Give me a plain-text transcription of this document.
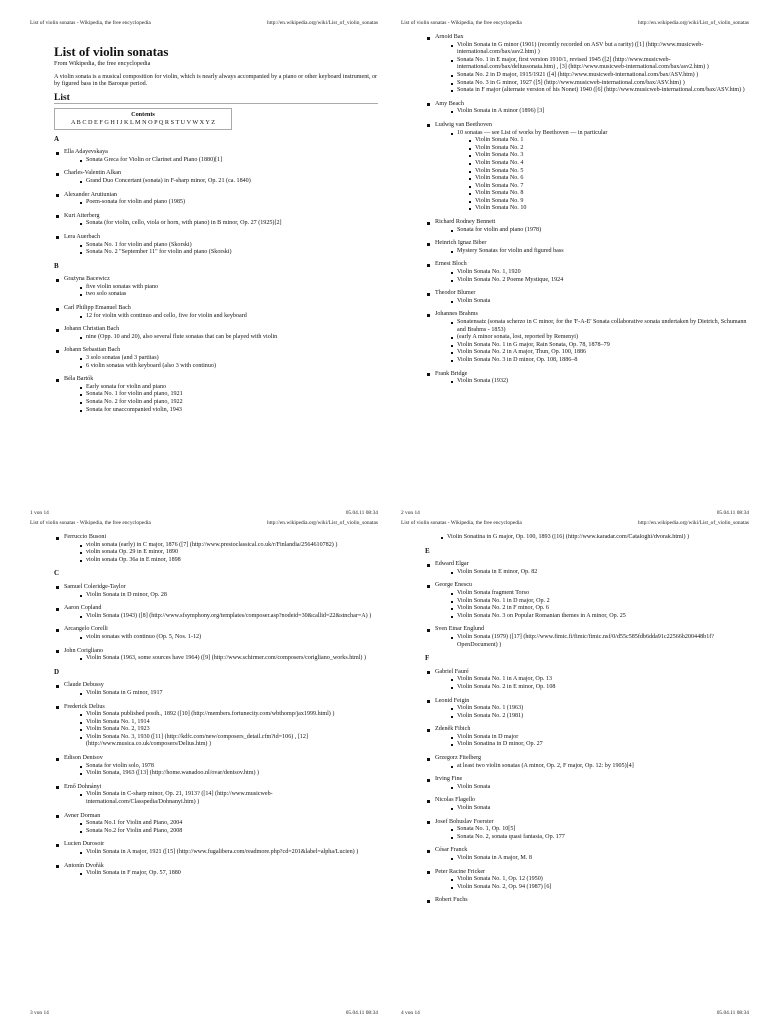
List of violin sonatas - Wikipedia, the free encyclopedia	http://en.wikipedia.org/wiki/List_of_violin_sonatas
List of violin sonatas
From Wikipedia, the free encyclopedia
A violin sonata is a musical composition for violin, which is nearly always accompanied by a piano or other keyboard instrument, or by figured bass in the Baroque period.
List
Contents
A B C D E F G H I J K L M N O P Q R S T U V W X Y Z
A
Ella Adayevskaya
Sonata Greca for Violin or Clarinet and Piano (1880)[1]
Charles-Valentin Alkan
Grand Duo Concertant (sonata) in F-sharp minor, Op. 21 (ca. 1840)
Alexander Arutiunian
Poem-sonata for violin and piano (1985)
Kurt Atterberg
Sonata (for violin, cello, viola or horn, with piano) in B minor, Op. 27 (1925)[2]
Lera Auerbach
Sonata No. 1 for violin and piano (Skorski)
Sonata No. 2 "September 11" for violin and piano (Skorski)
B
Grażyna Bacewicz
five violin sonatas with piano
two solo sonatas
Carl Philipp Emanuel Bach
12 for violin with continuo and cello, five for violin and keyboard
Johann Christian Bach
nine (Opp. 10 and 20), also several flute sonatas that can be played with violin
Johann Sebastian Bach
3 solo sonatas (and 3 partitas)
6 violin sonatas with keyboard (also 3 with continuo)
Béla Bartók
Early sonata for violin and piano
Sonata No. 1 for violin and piano, 1921
Sonata No. 2 for violin and piano, 1922
Sonata for unaccompanied violin, 1943
1 von 14	05.04.11 08:34
List of violin sonatas - Wikipedia, the free encyclopedia	http://en.wikipedia.org/wiki/List_of_violin_sonatas
Arnold Bax
Violin Sonata in G minor (1901) (recently recorded on ASV but a rarity) ([1] (http://www.musicweb-international.com/bax/asv2.htm) )
Sonata No. 1 in E major, first version 1910/1, revised 1945 ([2] (http://www.musicweb-international.com/bax/deliussonata.htm) , [3] (http://www.musicweb-international.com/bax/asv2.htm) )
Sonata No. 2 in D major, 1915/1921 ([4] (http://www.musicweb-international.com/bax/ASV.htm) )
Sonata No. 3 in G minor, 1927 ([5] (http://www.musicweb-international.com/bax/ASV.htm) )
Sonata in F major (alternate version of his Nonet) 1940 ([6] (http://www.musicweb-international.com/bax/ASV.htm) )
Amy Beach
Violin Sonata in A minor (1896) [3]
Ludwig van Beethoven
10 sonatas — see List of works by Beethoven — in particular
Violin Sonata No. 1
Violin Sonata No. 2
Violin Sonata No. 3
Violin Sonata No. 4
Violin Sonata No. 5
Violin Sonata No. 6
Violin Sonata No. 7
Violin Sonata No. 8
Violin Sonata No. 9
Violin Sonata No. 10
Richard Rodney Bennett
Sonata for violin and piano (1978)
Heinrich Ignaz Biber
Mystery Sonatas for violin and figured bass
Ernest Bloch
Violin Sonata No. 1, 1920
Violin Sonata No. 2 Poeme Mystique, 1924
Theodor Blumer
Violin Sonata
Johannes Brahms
Sonatensatz (sonata scherzo in C minor, for the 'F-A-E' Sonata collaborative sonata undertaken by Dietrich, Schumann and Brahms - 1853)
(early A minor sonata, lost, reported by Remenyi)
Violin Sonata No. 1 in G major, Rain Sonata, Op. 78, 1878–79
Violin Sonata No. 2 in A major, Thun, Op. 100, 1886
Violin Sonata No. 3 in D minor, Op. 108, 1886–8
Frank Bridge
Violin Sonata (1932)
2 von 14	05.04.11 08:34
List of violin sonatas - Wikipedia, the free encyclopedia	http://en.wikipedia.org/wiki/List_of_violin_sonatas
Ferruccio Busoni
violin sonata (early) in C major, 1876 ([7] (http://www.prestoclassical.co.uk/r/Finlandia/2564610782) )
violin sonata Op. 29 in E minor, 1890
violin sonata Op. 36a in E minor, 1898
C
Samuel Coleridge-Taylor
Violin Sonata in D minor, Op. 28
Aaron Copland
Violin Sonata (1943) ([8] (http://www.sfsymphony.org/templates/composer.asp?nodeid=30&callid=22&stnchar=A) )
Arcangelo Corelli
violin sonatas with continuo (Op. 5, Nos. 1-12)
John Corigliano
Violin Sonata (1963, some sources have 1964) ([9] (http://www.schirmer.com/composers/corigliano_works.html) )
D
Claude Debussy
Violin Sonata in G minor, 1917
Frederick Delius
Violin Sonata published posth., 1892 ([10] (http://members.fortunecity.com/wbthomp/jax1999.html) )
Violin Sonata No. 1, 1914
Violin Sonata No. 2, 1923
Violin Sonata No. 3, 1930 ([11] (http://kdfc.com/new/composers_detail.cfm?id=106) , [12] (http://www.musica.co.uk/composers/Delius.htm) )
Edison Denisov
Sonata for violin solo, 1978
Violin Sonata, 1963 ([13] (http://home.wanadoo.nl/ovar/denisov.htm) )
Ernő Dohnányi
Violin Sonata in C-sharp minor, Op. 21, 1913? ([14] (http://www.musicweb-international.com/Classpedia/Dohnanyi.htm) )
Avner Dorman
Sonata No.1 for Violin and Piano, 2004
Sonata No.2 for Violin and Piano, 2008
Lucien Durosoir
Violin Sonata in A major, 1921 ([15] (http://www.fugalibera.com/readmore.php?cd=201&label=alpha/Lucien) )
Antonín Dvořák
Violin Sonata in F major, Op. 57, 1880
3 von 14	05.04.11 08:34
List of violin sonatas - Wikipedia, the free encyclopedia	http://en.wikipedia.org/wiki/List_of_violin_sonatas
Violin Sonatina in G major, Op. 100, 1893 ([16] (http://www.karadar.com/Cataloghi/dvorak.html) )
E
Edward Elgar
Violin Sonata in E minor, Op. 82
George Enescu
Violin Sonata fragment Torso
Violin Sonata No. 1 in D major, Op. 2
Violin Sonata No. 2 in F minor, Op. 6
Violin Sonata No. 3 on Popular Romanian themes in A minor, Op. 25
Sven Einar Englund
Violin Sonata (1979) ([17] (http://www.fimic.fi/fimic/fimic.nsf/0/d55c585fdb6dda91c22566b200448b1f?OpenDocument) )
F
Gabriel Fauré
Violin Sonata No. 1 in A major, Op. 13
Violin Sonata No. 2 in E minor, Op. 108
Leonid Feigin
Violin Sonata No. 1 (1963)
Violin Sonata No. 2 (1981)
Zdeněk Fibich
Violin Sonata in D major
Violin Sonatina in D minor, Op. 27
Grzegorz Fitelberg
at least two violin sonatas (A minor, Op. 2, F major, Op. 12: by 1905)[4]
Irving Fine
Violin Sonata
Nicolas Flagello
Violin Sonata
Josef Bohuslav Foerster
Sonata No. 1, Op. 10[5]
Sonata No. 2, sonata quasi fantasia, Op. 177
César Franck
Violin Sonata in A major, M. 8
Peter Racine Fricker
Violin Sonata No. 1, Op. 12 (1950)
Violin Sonata No. 2, Op. 94 (1987) [6]
Robert Fuchs
4 von 14	05.04.11 08:34
